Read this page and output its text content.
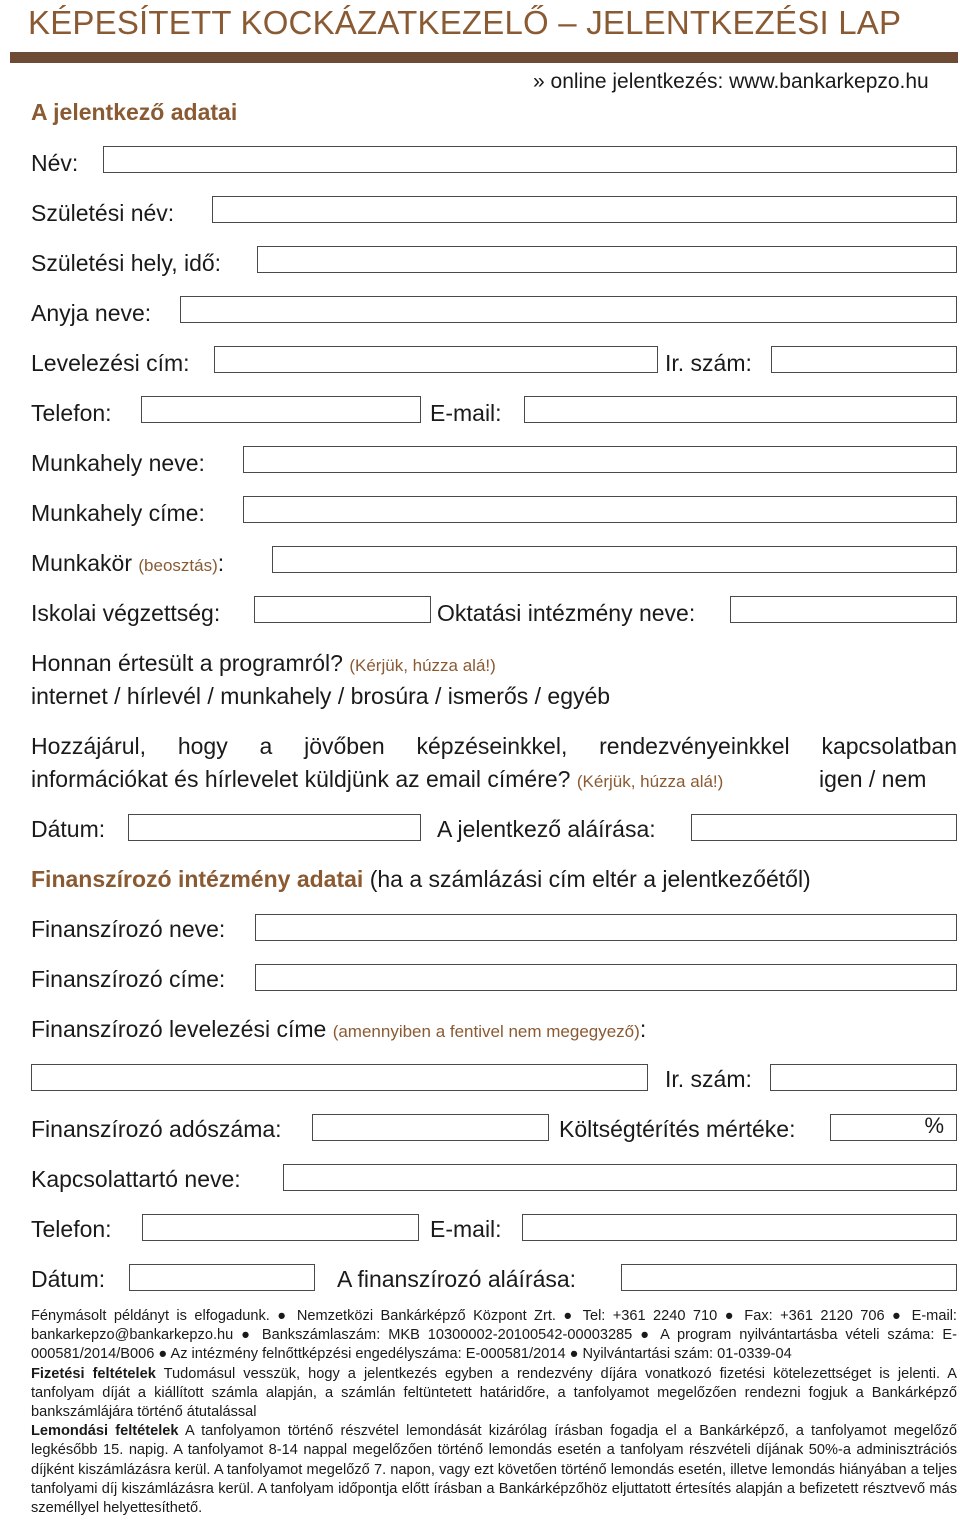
KÉPESÍTETT KOCKÁZATKEZELŐ – JELENTKEZÉSI LAP
» online jelentkezés: www.bankarkepzo.hu
A jelentkező adatai
Név:
Születési név:
Születési hely, idő:
Anyja neve:
Levelezési cím:	Ir. szám:
Telefon:	E-mail:
Munkahely neve:
Munkahely címe:
Munkakör (beosztás):
Iskolai végzettség:	Oktatási intézmény neve:
Honnan értesült a programról? (Kérjük, húzza alá!)
internet / hírlevél / munkahely / brosúra / ismerős / egyéb
Hozzájárul, hogy a jövőben képzéseinkkel, rendezvényeinkkel kapcsolatban
információkat és hírlevelet küldjünk az email címére? (Kérjük, húzza alá!)	igen / nem
Dátum:	A jelentkező aláírása:
Finanszírozó intézmény adatai (ha a számlázási cím eltér a jelentkezőétől)
Finanszírozó neve:
Finanszírozó címe:
Finanszírozó levelezési címe (amennyiben a fentivel nem megegyező):
Ir. szám:
Finanszírozó adószáma:	Költségtérítés mértéke:	%
Kapcsolattartó neve:
Telefon:	E-mail:
Dátum:	A finanszírozó aláírása:

Fénymásolt példányt is elfogadunk. ● Nemzetközi Bankárképző Központ Zrt. ● Tel: +361 2240 710 ● Fax: +361 2120 706 ● E-mail: bankarkepzo@bankarkepzo.hu ● Bankszámlaszám: MKB 10300002-20100542-00003285 ● A program nyilvántartásba vételi száma: E-000581/2014/B006 ● Az intézmény felnőttképzési engedélyszáma: E-000581/2014 ● Nyilvántartási szám: 01-0339-04

Fizetési feltételek Tudomásul vesszük, hogy a jelentkezés egyben a rendezvény díjára vonatkozó fizetési kötelezettséget is jelenti. A tanfolyam díját a kiállított számla alapján, a számlán feltüntetett határidőre, a tanfolyamot megelőzően rendezni fogjuk a Bankárképző bankszámlájára történő átutalással

Lemondási feltételek A tanfolyamon történő részvétel lemondását kizárólag írásban fogadja el a Bankárképző, a tanfolyamot megelőző legkésőbb 15. napig. A tanfolyamot 8-14 nappal megelőzően történő lemondás esetén a tanfolyam részvételi díjának 50%-a adminisztrációs díjként kiszámlázásra kerül. A tanfolyamot megelőző 7. napon, vagy ezt követően történő lemondás esetén, illetve lemondás hiányában a teljes tanfolyami díj kiszámlázásra kerül. A tanfolyam időpontja előtt írásban a Bankárképzőhöz eljuttatott értesítés alapján a befizetett résztvevő más személlyel helyettesíthető.
